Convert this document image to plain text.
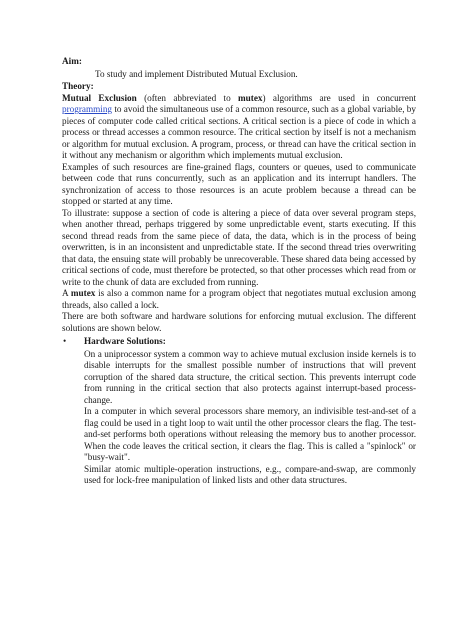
Aim:
To study and implement Distributed Mutual Exclusion.
Theory:

Mutual Exclusion (often abbreviated to mutex) algorithms are used in concurrent programming to avoid the simultaneous use of a common resource, such as a global variable, by pieces of computer code called critical sections. A critical section is a piece of code in which a process or thread accesses a common resource. The critical section by itself is not a mechanism or algorithm for mutual exclusion. A program, process, or thread can have the critical section in it without any mechanism or algorithm which implements mutual exclusion.

Examples of such resources are fine-grained flags, counters or queues, used to communicate between code that runs concurrently, such as an application and its interrupt handlers. The synchronization of access to those resources is an acute problem because a thread can be stopped or started at any time.

To illustrate: suppose a section of code is altering a piece of data over several program steps, when another thread, perhaps triggered by some unpredictable event, starts executing. If this second thread reads from the same piece of data, the data, which is in the process of being overwritten, is in an inconsistent and unpredictable state. If the second thread tries overwriting that data, the ensuing state will probably be unrecoverable. These shared data being accessed by critical sections of code, must therefore be protected, so that other processes which read from or write to the chunk of data are excluded from running.

A mutex is also a common name for a program object that negotiates mutual exclusion among threads, also called a lock.

There are both software and hardware solutions for enforcing mutual exclusion. The different solutions are shown below.

•	Hardware Solutions:

On a uniprocessor system a common way to achieve mutual exclusion inside kernels is to disable interrupts for the smallest possible number of instructions that will prevent corruption of the shared data structure, the critical section. This prevents interrupt code from running in the critical section that also protects against interrupt-based process-change.

In a computer in which several processors share memory, an indivisible test-and-set of a flag could be used in a tight loop to wait until the other processor clears the flag. The test-and-set performs both operations without releasing the memory bus to another processor. When the code leaves the critical section, it clears the flag. This is called a "spinlock" or "busy-wait".

Similar atomic multiple-operation instructions, e.g., compare-and-swap, are commonly used for lock-free manipulation of linked lists and other data structures.
